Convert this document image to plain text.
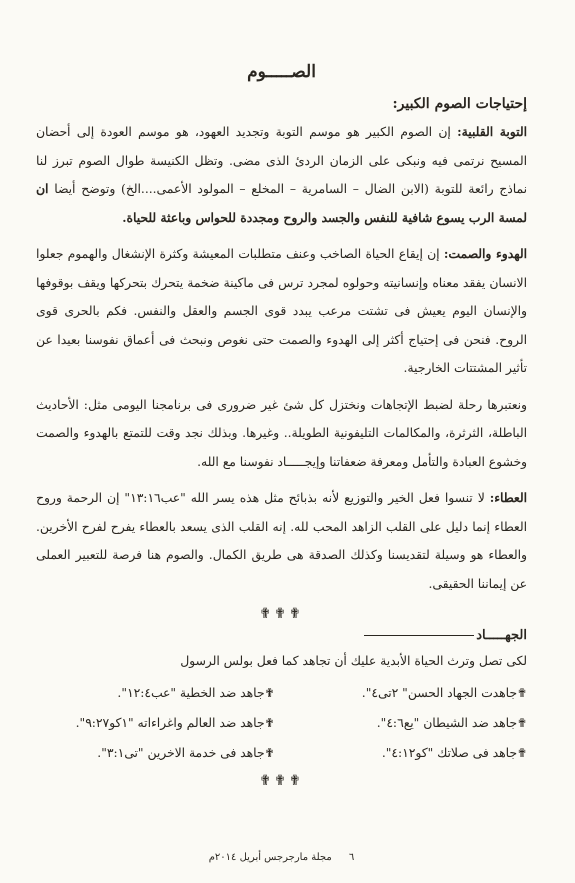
الصـــــوم
إحتياجات الصوم الكبير:

التوبة القلبية: إن الصوم الكبير هو موسم التوبة وتجديد العهود، هو موسم العودة إلى أحضان المسيح نرتمى فيه ونبكى على الزمان الردئ الذى مضى. وتظل الكنيسة طوال الصوم تبرز لنا نماذج رائعة للتوبة (الابن الضال – السامرية – المخلع – المولود الأعمى....الخ) وتوضح أيضا ان لمسة الرب يسوع شافية للنفس والجسد والروح ومجددة للحواس وباعثة للحياة.

الهدوء والصمت: إن إيقاع الحياة الصاخب وعنف متطلبات المعيشة وكثرة الإنشغال والهموم جعلوا الانسان يفقد معناه وإنسانيته وحولوه لمجرد ترس فى ماكينة ضخمة يتحرك بتحركها ويقف بوقوفها والإنسان اليوم يعيش فى تشتت مرعب يبدد قوى الجسم والعقل والنفس. فكم بالحرى قوى الروح. فنحن فى إحتياج أكثر إلى الهدوء والصمت حتى نغوص ونبحث فى أعماق نفوسنا بعيدا عن تأثير المشتتات الخارجية.

ونعتبرها رحلة لضبط الإتجاهات ونختزل كل شئ غير ضرورى فى برنامجنا اليومى مثل: الأحاديث الباطلة، الثرثرة، والمكالمات التليفونية الطويلة.. وغيرها. وبذلك نجد وقت للتمتع بالهدوء والصمت وخشوع العبادة والتأمل ومعرفة ضعفاتنا وإيجـــــاد نفوسنا مع الله.

العطاء: لا تنسوا فعل الخير والتوزيع لأنه بذبائح مثل هذه يسر الله "عب١٣:١٦" إن الرحمة وروح العطاء إنما دليل على القلب الزاهد المحب لله. إنه القلب الذى يسعد بالعطاء يفرح لفرح الأخرين. والعطاء هو وسيلة لتقديسنا وكذلك الصدقة هى طريق الكمال. والصوم هنا فرصة للتعبير العملى عن إيماننا الحقيقى.

✟✟✟
الجهـــــاد
لكى تصل وترث الحياة الأبدية عليك أن تجاهد كما فعل بولس الرسول
✟ جاهدت الجهاد الحسن" ٢تى٤".
✟ جاهد ضد الخطية "عب١٢:٤".
✟ جاهد ضد الشيطان "يع٤:٦".
✟ جاهد ضد العالم واغراءاته "١كو٩:٢٧".
✟ جاهد فى صلاتك "كو٤:١٢".
✟ جاهد فى خدمة الاخرين "تى٣:١".
✟✟✟
٦ مجلة مارجرجس أبريل ٢٠١٤م
